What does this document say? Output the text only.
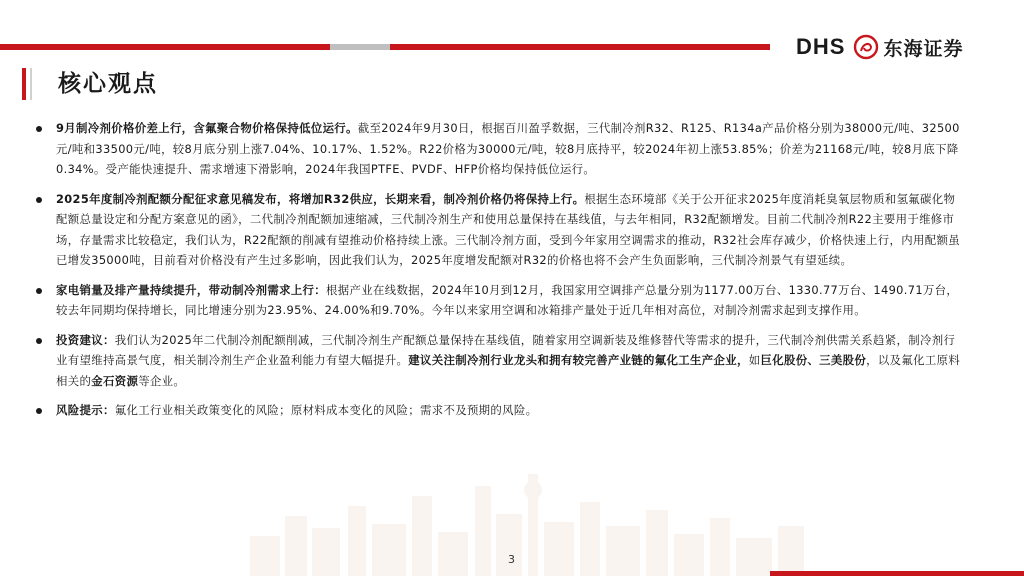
DHS 东海证券
核心观点
9月制冷剂价格价差上行，含氟聚合物价格保持低位运行。截至2024年9月30日，根据百川盈孚数据，三代制冷剂R32、R125、R134a产品价格分别为38000元/吨、32500元/吨和33500元/吨，较8月底分别上涨7.04%、10.17%、1.52%。R22价格为30000元/吨，较8月底持平，较2024年初上涨53.85%；价差为21168元/吨，较8月底下降0.34%。受产能快速提升、需求增速下滑影响，2024年我国PTFE、PVDF、HFP价格均保持低位运行。
2025年度制冷剂配额分配征求意见稿发布，将增加R32供应，长期来看，制冷剂价格仍将保持上行。根据生态环境部《关于公开征求2025年度消耗臭氧层物质和氢氟碳化物配额总量设定和分配方案意见的函》，二代制冷剂配额加速缩减，三代制冷剂生产和使用总量保持在基线值，与去年相同，R32配额增发。目前二代制冷剂R22主要用于维修市场，存量需求比较稳定，我们认为，R22配额的削减有望推动价格持续上涨。三代制冷剂方面，受到今年家用空调需求的推动，R32社会库存减少，价格快速上行，内用配额虽已增发35000吨，目前看对价格没有产生过多影响，因此我们认为，2025年度增发配额对R32的价格也将不会产生负面影响，三代制冷剂景气有望延续。
家电销量及排产量持续提升，带动制冷剂需求上行：根据产业在线数据，2024年10月到12月，我国家用空调排产总量分别为1177.00万台、1330.77万台、1490.71万台，较去年同期均保持增长，同比增速分别为23.95%、24.00%和9.70%。今年以来家用空调和冰箱排产量处于近几年相对高位，对制冷剂需求起到支撑作用。
投资建议：我们认为2025年二代制冷剂配额削减，三代制冷剂生产配额总量保持在基线值，随着家用空调新装及维修替代等需求的提升，三代制冷剂供需关系趋紧，制冷剂行业有望维持高景气度，相关制冷剂生产企业盈利能力有望大幅提升。建议关注制冷剂行业龙头和拥有较完善产业链的氟化工生产企业，如巨化股份、三美股份，以及氟化工原料相关的金石资源等企业。
风险提示：氟化工行业相关政策变化的风险；原材料成本变化的风险；需求不及预期的风险。
3
